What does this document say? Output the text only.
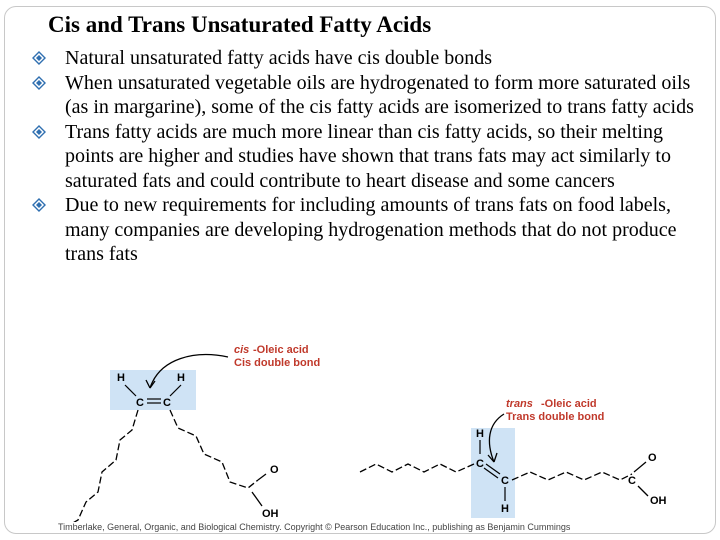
Cis and Trans Unsaturated Fatty Acids
Natural unsaturated fatty acids have cis double bonds
When unsaturated vegetable oils are hydrogenated to form more saturated oils (as in margarine), some of the cis fatty acids are isomerized to trans fatty acids
Trans fatty acids are much more linear than cis fatty acids, so their melting points are higher and studies have shown that trans fats may act similarly to saturated fats and could contribute to heart disease and some cancers
Due to new requirements for including amounts of trans fats on food labels, many companies are developing hydrogenation methods that do not produce trans fats
cis -Oleic acid
Cis double bond
H	H
C C
O
OH
trans -Oleic acid
Trans double bond
H
C
C
H
O
C
OH
Timberlake, General, Organic, and Biological Chemistry. Copyright © Pearson Education Inc., publishing as Benjamin Cummings
